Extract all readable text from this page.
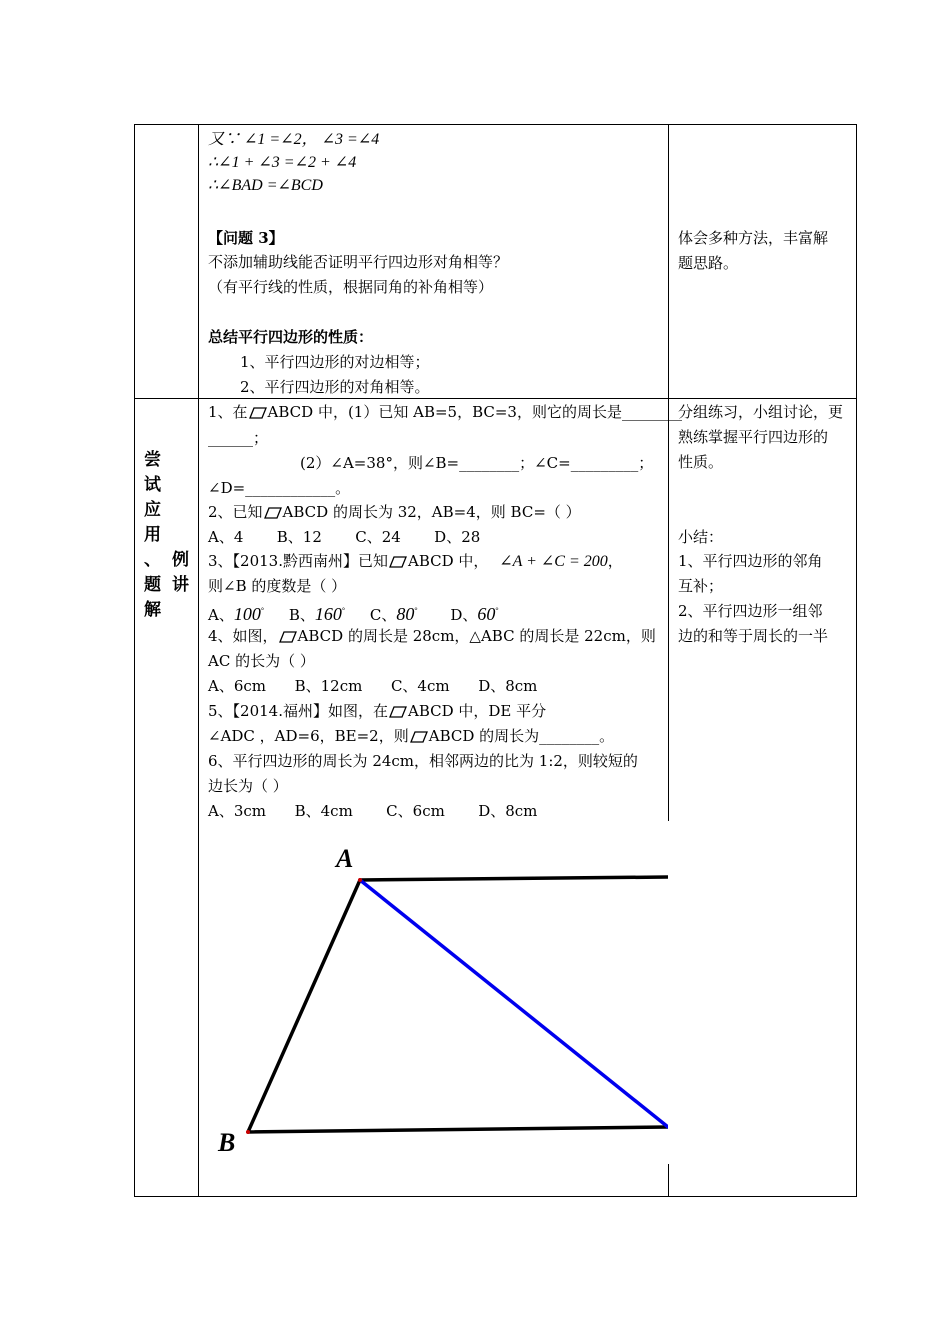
又∵ ∠1 =∠2， ∠3 =∠4
∴∠1 + ∠3 =∠2 + ∠4
∴∠BAD =∠BCD
【问题 3】
不添加辅助线能否证明平行四边形对角相等？
（有平行线的性质，根据同角的补角相等）
总结平行四边形的性质：
1、平行四边形的对边相等；
2、平行四边形的对角相等。
体会多种方法，丰富解
题思路。
尝
试
应
用
、 例
题 讲
解
1、在 ABCD 中，(1）已知 AB=5，BC=3，则它的周长是________
______；
(2）∠A=38°，则∠B=________；∠C=_________；
∠D=____________。
2、已知 ABCD 的周长为 32，AB=4，则 BC=（ ）
A、4       B、12       C、24       D、28
3、【2013.黔西南州】已知 ABCD 中， ∠A + ∠C = 200，
则∠B 的度数是（ ）
A、100° B、160° C、80° D、60°
4、如图， ABCD 的周长是 28cm，△ABC 的周长是 22cm，则
AC 的长为（ ）
A、6cm      B、12cm      C、4cm      D、8cm
5、【2014.福州】如图，在 ABCD 中，DE 平分
∠ADC ，AD=6，BE=2，则 ABCD 的周长为________。
6、平行四边形的周长为 24cm，相邻两边的比为 1:2，则较短的
边长为（ ）
A、3cm      B、4cm       C、6cm       D、8cm
分组练习，小组讨论，更
熟练掌握平行四边形的
性质。
小结：
1、平行四边形的邻角
互补；
2、平行四边形一组邻
边的和等于周长的一半
A
B
